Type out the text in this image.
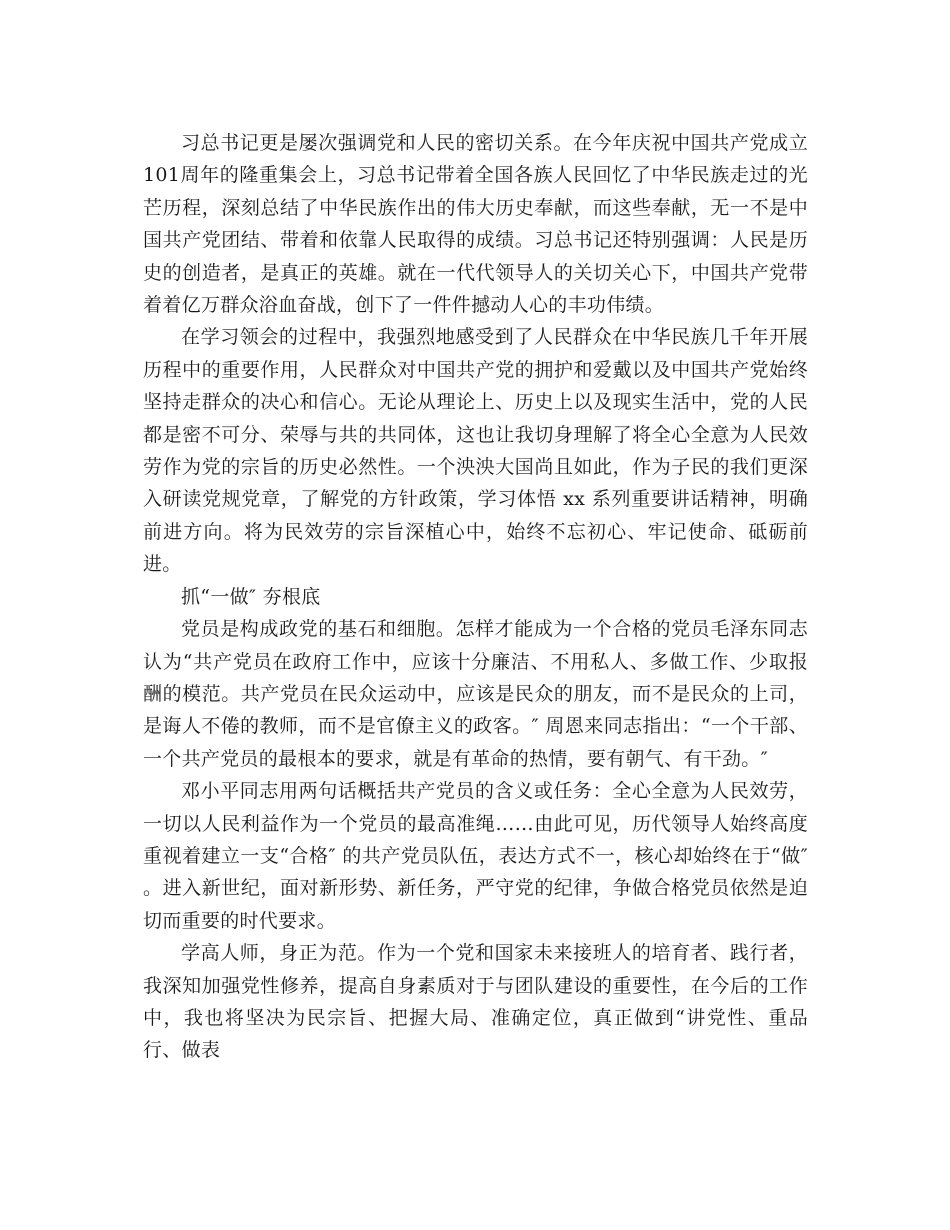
习总书记更是屡次强调党和人民的密切关系。在今年庆祝中国共产党成立101周年的隆重集会上，习总书记带着全国各族人民回忆了中华民族走过的光芒历程，深刻总结了中华民族作出的伟大历史奉献，而这些奉献，无一不是中国共产党团结、带着和依靠人民取得的成绩。习总书记还特别强调：人民是历史的创造者，是真正的英雄。就在一代代领导人的关切关心下，中国共产党带着着亿万群众浴血奋战，创下了一件件撼动人心的丰功伟绩。

在学习领会的过程中，我强烈地感受到了人民群众在中华民族几千年开展历程中的重要作用，人民群众对中国共产党的拥护和爱戴以及中国共产党始终坚持走群众的决心和信心。无论从理论上、历史上以及现实生活中，党的人民都是密不可分、荣辱与共的共同体，这也让我切身理解了将全心全意为人民效劳作为党的宗旨的历史必然性。一个泱泱大国尚且如此，作为子民的我们更深入研读党规党章，了解党的方针政策，学习体悟 xx 系列重要讲话精神，明确前进方向。将为民效劳的宗旨深植心中，始终不忘初心、牢记使命、砥砺前进。

抓“一做″ 夯根底

党员是构成政党的基石和细胞。怎样才能成为一个合格的党员毛泽东同志认为“共产党员在政府工作中，应该十分廉洁、不用私人、多做工作、少取报酬的模范。共产党员在民众运动中，应该是民众的朋友，而不是民众的上司，是诲人不倦的教师，而不是官僚主义的政客。″ 周恩来同志指出：“一个干部、一个共产党员的最根本的要求，就是有革命的热情，要有朝气、有干劲。″

邓小平同志用两句话概括共产党员的含义或任务：全心全意为人民效劳，一切以人民利益作为一个党员的最高准绳……由此可见，历代领导人始终高度重视着建立一支“合格″ 的共产党员队伍，表达方式不一，核心却始终在于“做″ 。进入新世纪，面对新形势、新任务，严守党的纪律，争做合格党员依然是迫切而重要的时代要求。

学高人师，身正为范。作为一个党和国家未来接班人的培育者、践行者，我深知加强党性修养，提高自身素质对于与团队建设的重要性，在今后的工作中，我也将坚决为民宗旨、把握大局、准确定位，真正做到“讲党性、重品行、做表
